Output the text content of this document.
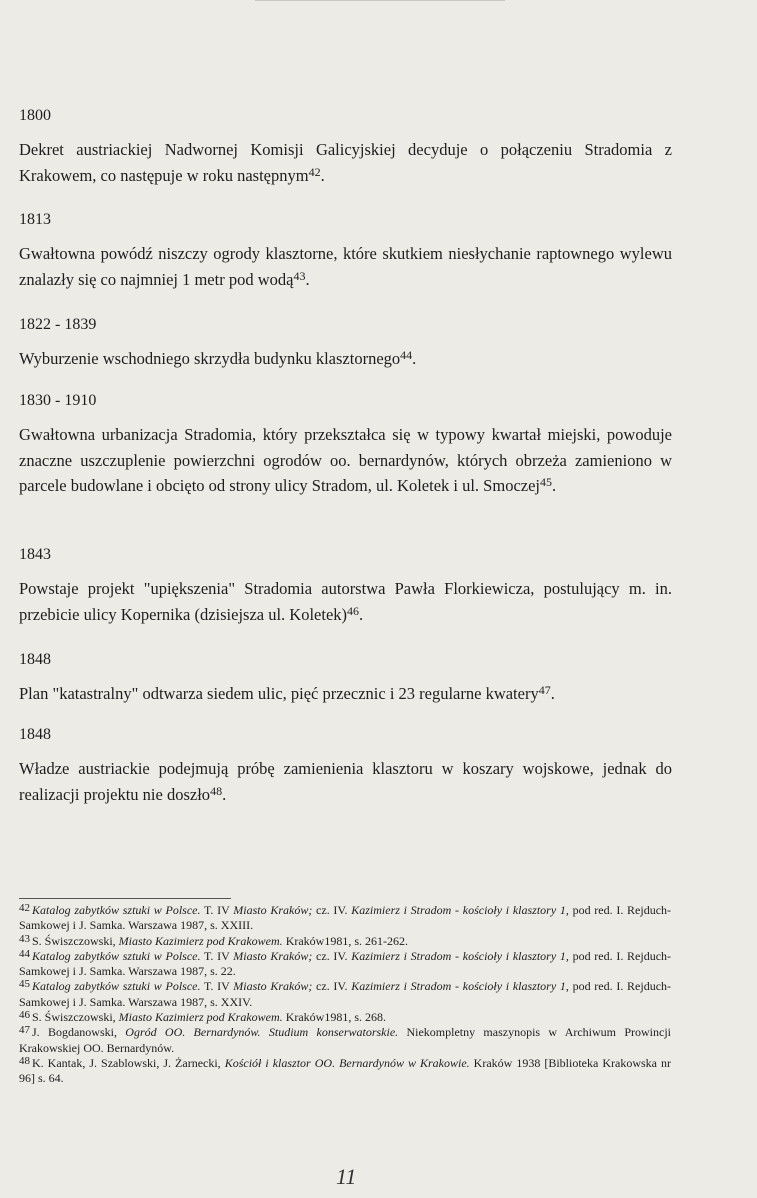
1800

Dekret austriackiej Nadwornej Komisji Galicyjskiej decyduje o połączeniu Stradomia z Krakowem, co następuje w roku następnym$^{42}$.

1813

Gwałtowna powódź niszczy ogrody klasztorne, które skutkiem niesłychanie raptownego wylewu znalazły się co najmniej 1 metr pod wodą$^{43}$.

1822 - 1839

Wyburzenie wschodniego skrzydła budynku klasztornego$^{44}$.

1830 - 1910

Gwałtowna urbanizacja Stradomia, który przekształca się w typowy kwartał miejski, powoduje znaczne uszczuplenie powierzchni ogrodów oo. bernardynów, których obrzeża zamieniono w parcele budowlane i obcięto od strony ulicy Stradom, ul. Koletek i ul. Smoczej$^{45}$.

1843

Powstaje projekt "upiększenia" Stradomia autorstwa Pawła Florkiewicza, postulujący m. in. przebicie ulicy Kopernika (dzisiejsza ul. Koletek)$^{46}$.

1848

Plan "katastralny" odtwarza siedem ulic, pięć przecznic i 23 regularne kwatery$^{47}$.

1848

Władze austriackie podejmują próbę zamienienia klasztoru w koszary wojskowe, jednak do realizacji projektu nie doszło$^{48}$.

$^{42}$ Katalog zabytków sztuki w Polsce. T. IV Miasto Kraków; cz. IV. Kazimierz i Stradom - kościoły i klasztory 1, pod red. I. Rejduch-Samkowej i J. Samka. Warszawa 1987, s. XXIII.

$^{43}$ S. Świszczowski, Miasto Kazimierz pod Krakowem. Kraków1981, s. 261-262.

$^{44}$ Katalog zabytków sztuki w Polsce. T. IV Miasto Kraków; cz. IV. Kazimierz i Stradom - kościoły i klasztory 1, pod red. I. Rejduch-Samkowej i J. Samka. Warszawa 1987, s. 22.

$^{45}$ Katalog zabytków sztuki w Polsce. T. IV Miasto Kraków; cz. IV. Kazimierz i Stradom - kościoły i klasztory 1, pod red. I. Rejduch-Samkowej i J. Samka. Warszawa 1987, s. XXIV.

$^{46}$ S. Świszczowski, Miasto Kazimierz pod Krakowem. Kraków1981, s. 268.

$^{47}$ J. Bogdanowski, Ogród OO. Bernardynów. Studium konserwatorskie. Niekompletny maszynopis w Archiwum Prowincji Krakowskiej OO. Bernardynów.

$^{48}$ K. Kantak, J. Szablowski, J. Żarnecki, Kościół i klasztor OO. Bernardynów w Krakowie. Kraków 1938 [Biblioteka Krakowska nr 96] s. 64.

11
